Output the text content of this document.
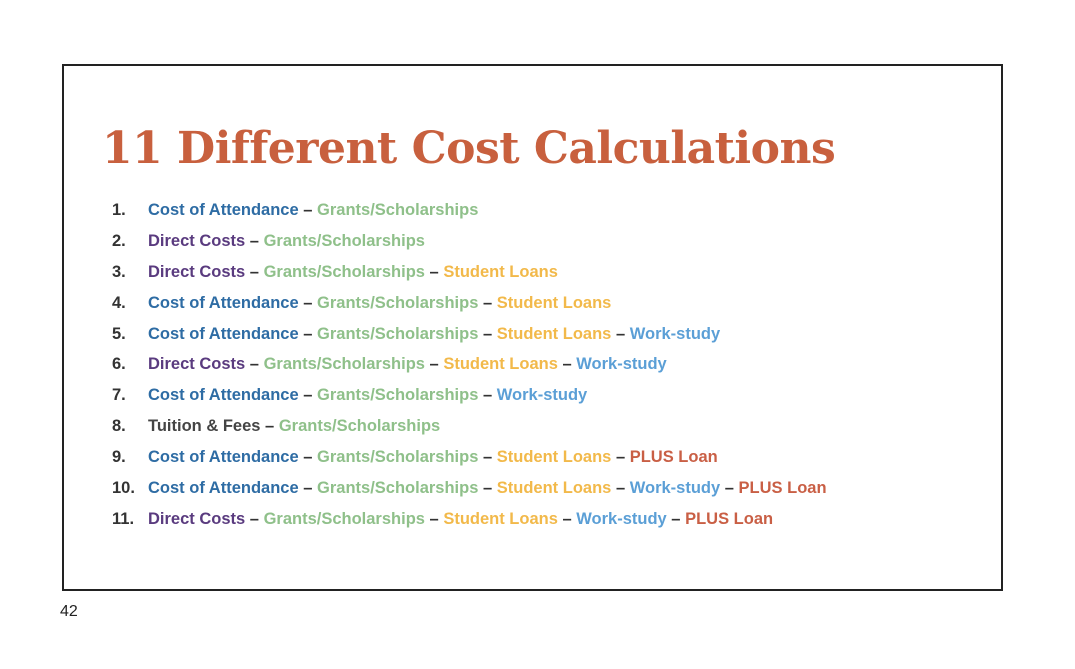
11 Different Cost Calculations
1.	Cost of Attendance – Grants/Scholarships
2.	Direct Costs – Grants/Scholarships
3.	Direct Costs – Grants/Scholarships – Student Loans
4.	Cost of Attendance – Grants/Scholarships – Student Loans
5.	Cost of Attendance – Grants/Scholarships – Student Loans – Work-study
6.	Direct Costs – Grants/Scholarships – Student Loans – Work-study
7.	Cost of Attendance – Grants/Scholarships – Work-study
8.	Tuition & Fees – Grants/Scholarships
9.	Cost of Attendance – Grants/Scholarships – Student Loans – PLUS Loan
10. Cost of Attendance – Grants/Scholarships – Student Loans – Work-study – PLUS Loan
11. Direct Costs – Grants/Scholarships – Student Loans – Work-study – PLUS Loan
42
